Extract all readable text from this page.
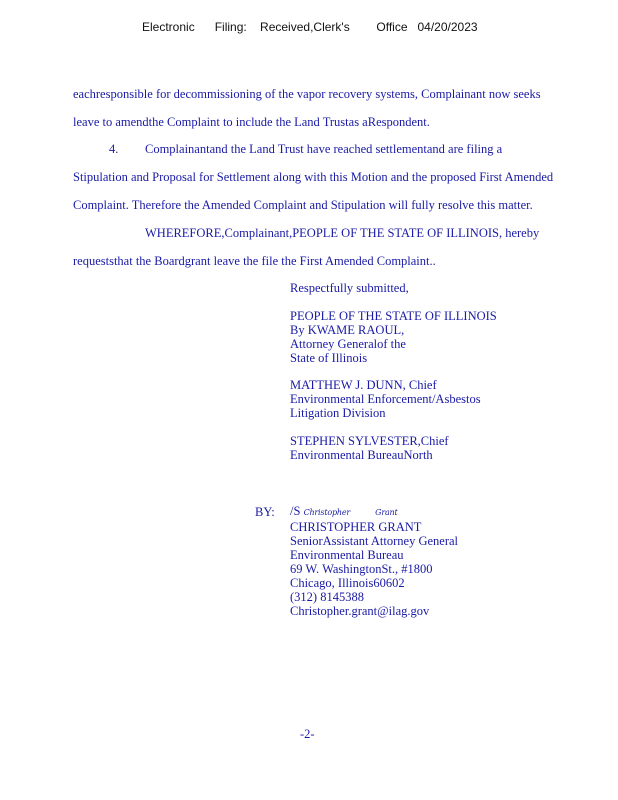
Electronic      Filing:    Received,Clerk's        Office   04/20/2023
eachresponsible for decommissioning of the vapor recovery systems, Complainant now seeks
leave to amendthe Complaint to include the Land Trustas aRespondent.
4. Complainantand the Land Trust have reached settlementand are filing a
Stipulation and Proposal for Settlement along with this Motion and the proposed First Amended
Complaint. Therefore the Amended Complaint and Stipulation will fully resolve this matter.
WHEREFORE,Complainant,PEOPLE OF THE STATE OF ILLINOIS, hereby
requeststhat the Boardgrant leave the file the First Amended Complaint..
Respectfully submitted,
PEOPLE OF THE STATE OF ILLINOIS
By KWAME RAOUL,
Attorney Generalof the
State of Illinois
MATTHEW J. DUNN, Chief
Environmental Enforcement/Asbestos
Litigation Division
STEPHEN SYLVESTER,Chief
Environmental BureauNorth
BY: /S Christopher	Grant
CHRISTOPHER GRANT
SeniorAssistant Attorney General
Environmental Bureau
69 W. WashingtonSt., #1800
Chicago, Illinois60602
(312) 8145388
Christopher.grant@ilag.gov
-2-
